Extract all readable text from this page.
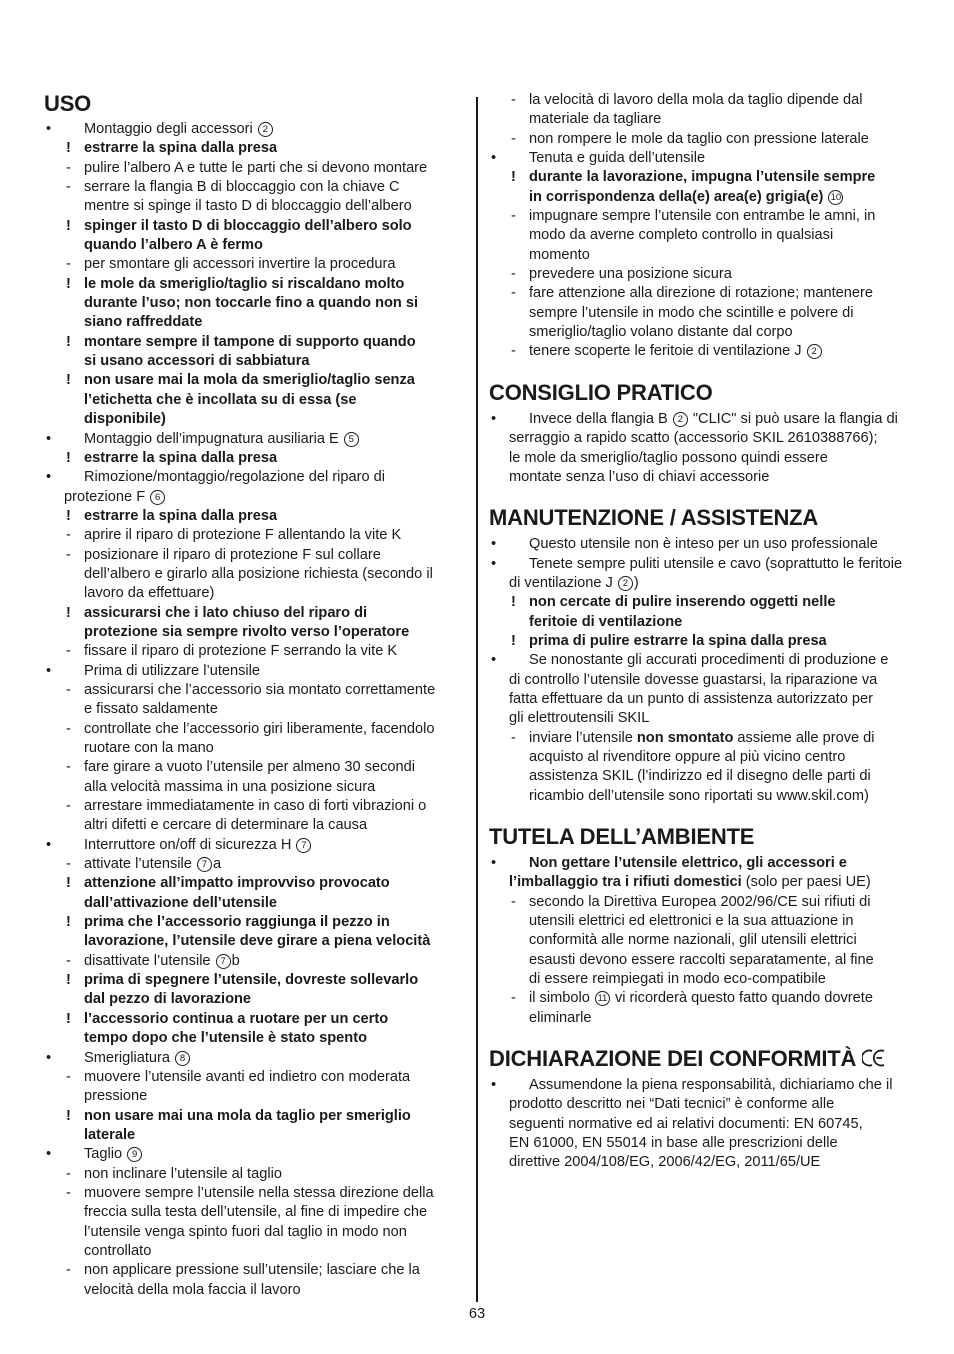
USO
•	Montaggio degli accessori 2
! estrarre la spina dalla presa
- pulire l’albero A e tutte le parti che si devono montare
- serrare la flangia B di bloccaggio con la chiave C
mentre si spinge il tasto D di bloccaggio dell’albero
! spinger il tasto D di bloccaggio dell’albero solo
quando l’albero A è fermo
- per smontare gli accessori invertire la procedura
! le mole da smeriglio/taglio si riscaldano molto
durante l’uso; non toccarle fino a quando non si
siano raffreddate
! montare sempre il tampone di supporto quando
si usano accessori di sabbiatura
! non usare mai la mola da smeriglio/taglio senza
l’etichetta che è incollata su di essa (se
disponibile)
•	Montaggio dell’impugnatura ausiliaria E 5
! estrarre la spina dalla presa
•	Rimozione/montaggio/regolazione del riparo di
protezione F 6
! estrarre la spina dalla presa
- aprire il riparo di protezione F allentando la vite K
- posizionare il riparo di protezione F sul collare
dell’albero e girarlo alla posizione richiesta (secondo il
lavoro da effettuare)
! assicurarsi che i lato chiuso del riparo di
protezione sia sempre rivolto verso l’operatore
- fissare il riparo di protezione F serrando la vite K
•	Prima di utilizzare l’utensile
- assicurarsi che l’accessorio sia montato correttamente
e fissato saldamente
- controllate che l’accessorio giri liberamente, facendolo
ruotare con la mano
- fare girare a vuoto l’utensile per almeno 30 secondi
alla velocità massima in una posizione sicura
- arrestare immediatamente in caso di forti vibrazioni o
altri difetti e cercare di determinare la causa
•	Interruttore on/off di sicurezza H 7
- attivate l’utensile 7 a
! attenzione all’impatto improvviso provocato
dall’attivazione dell’utensile
! prima che l’accessorio raggiunga il pezzo in
lavorazione, l’utensile deve girare a piena velocità
- disattivate l’utensile 7 b
! prima di spegnere l’utensile, dovreste sollevarlo
dal pezzo di lavorazione
! l’accessorio continua a ruotare per un certo
tempo dopo che l’utensile è stato spento
•	Smerigliatura 8
- muovere l’utensile avanti ed indietro con moderata
pressione
! non usare mai una mola da taglio per smeriglio
laterale
•	Taglio 9
- non inclinare l’utensile al taglio
- muovere sempre l’utensile nella stessa direzione della
freccia sulla testa dell’utensile, al fine di impedire che
l’utensile venga spinto fuori dal taglio in modo non
controllato
- non applicare pressione sull’utensile; lasciare che la
velocità della mola faccia il lavoro
- la velocità di lavoro della mola da taglio dipende dal
materiale da tagliare
- non rompere le mole da taglio con pressione laterale
•	Tenuta e guida dell’utensile
! durante la lavorazione, impugna l’utensile sempre
in corrispondenza della(e) area(e) grigia(e) 10
- impugnare sempre l’utensile con entrambe le amni, in
modo da averne completo controllo in qualsiasi
momento
- prevedere una posizione sicura
- fare attenzione alla direzione di rotazione; mantenere
sempre l’utensile in modo che scintille e polvere di
smeriglio/taglio volano distante dal corpo
- tenere scoperte le feritoie di ventilazione J 2
CONSIGLIO PRATICO
•	Invece della flangia B 2 "CLIC" si può usare la flangia di
serraggio a rapido scatto (accessorio SKIL 2610388766);
le mole da smeriglio/taglio possono quindi essere
montate senza l’uso di chiavi accessorie
MANUTENZIONE / ASSISTENZA
•	Questo utensile non è inteso per un uso professionale
•	Tenete sempre puliti utensile e cavo (soprattutto le feritoie
di ventilazione J 2 )
! non cercate di pulire inserendo oggetti nelle
feritoie di ventilazione
! prima di pulire estrarre la spina dalla presa
•	Se nonostante gli accurati procedimenti di produzione e
di controllo l’utensile dovesse guastarsi, la riparazione va
fatta effettuare da un punto di assistenza autorizzato per
gli elettroutensili SKIL
- inviare l’utensile non smontato assieme alle prove di
acquisto al rivenditore oppure al più vicino centro
assistenza SKIL (l’indirizzo ed il disegno delle parti di
ricambio dell’utensile sono riportati su www.skil.com)
TUTELA DELL’AMBIENTE
•	Non gettare l’utensile elettrico, gli accessori e
l’imballaggio tra i rifiuti domestici (solo per paesi UE)
- secondo la Direttiva Europea 2002/96/CE sui rifiuti di
utensili elettrici ed elettronici e la sua attuazione in
conformità alle norme nazionali, glil utensili elettrici
esausti devono essere raccolti separatamente, al fine
di essere reimpiegati in modo eco-compatibile
- il simbolo 11 vi ricorderà questo fatto quando dovrete
eliminarle
DICHIARAZIONE DEI CONFORMITÀ
•	Assumendone la piena responsabilità, dichiariamo che il
prodotto descritto nei “Dati tecnici” è conforme alle
seguenti normative ed ai relativi documenti: EN 60745,
EN 61000, EN 55014 in base alle prescrizioni delle
direttive 2004/108/EG, 2006/42/EG, 2011/65/UE
63
